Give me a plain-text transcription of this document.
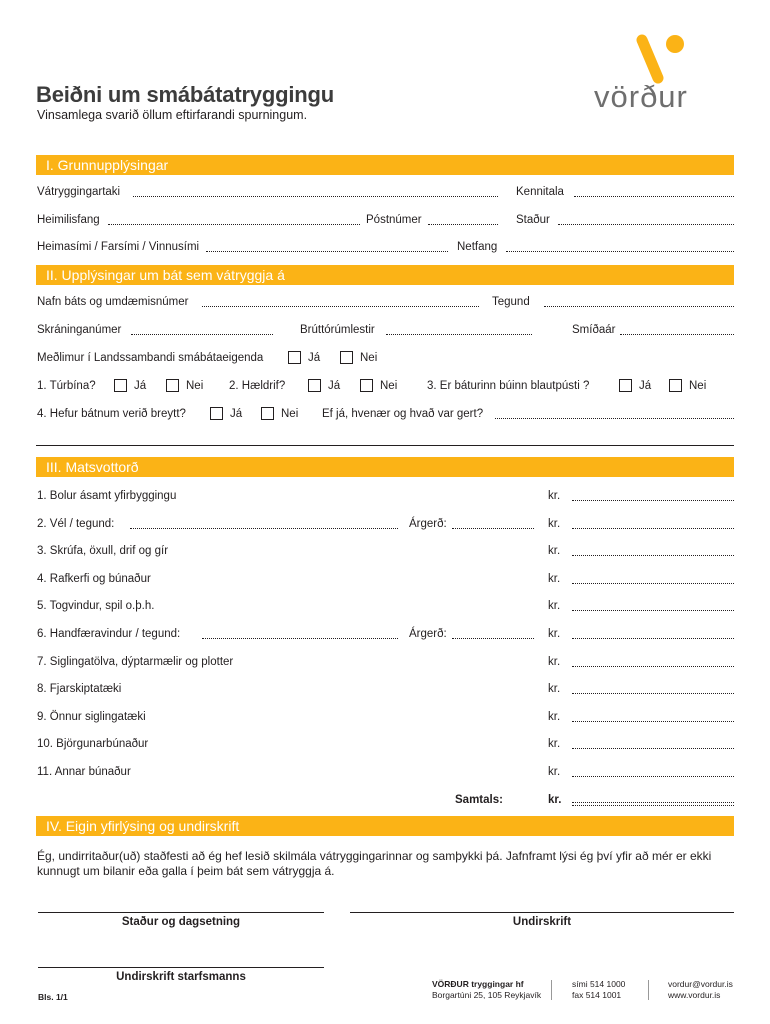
Beiðni um smábátatryggingu
Vinsamlega svarið öllum eftirfarandi spurningum.
vörður
I. Grunnupplýsingar
Vátryggingartaki	Kennitala
Heimilisfang	Póstnúmer	Staður
Heimasími / Farsími / Vinnusími	Netfang
II. Upplýsingar um bát sem vátryggja á
Nafn báts og umdæmisnúmer	Tegund
Skráninganúmer	Brúttórúmlestir	Smíðaár
Meðlimur í Landssambandi smábátaeigenda	Já	Nei
1. Túrbína?	Já	Nei 2. Hældrif?	Já	Nei	3. Er báturinn búinn blautpústi ?	Já	Nei
4. Hefur bátnum verið breytt?	Já	Nei Ef já, hvenær og hvað var gert?
III. Matsvottorð
1. Bolur ásamt yfirbyggingu	kr.
2. Vél / tegund:	Árgerð:	kr.
3. Skrúfa, öxull, drif og gír	kr.
4. Rafkerfi og búnaður	kr.
5. Togvindur, spil o.þ.h.	kr.
6. Handfæravindur / tegund:	Árgerð:	kr.
7. Siglingatölva, dýptarmælir og plotter	kr.
8. Fjarskiptatæki	kr.
9. Önnur siglingatæki	kr.
10. Björgunarbúnaður	kr.
11. Annar búnaður	kr.
Samtals:	kr.
IV. Eigin yfirlýsing og undirskrift
Ég, undirritaður(uð) staðfesti að ég hef lesið skilmála vátryggingarinnar og samþykki þá. Jafnframt lýsi ég því yfir að mér er ekki
kunnugt um bilanir eða galla í þeim bát sem vátryggja á.
Staður og dagsetning	Undirskrift
Undirskrift starfsmanns
Bls. 1/1
VÖRÐUR tryggingar hf
Borgartúni 25, 105 Reykjavík
sími 514 1000
fax 514 1001
vordur@vordur.is
www.vordur.is
